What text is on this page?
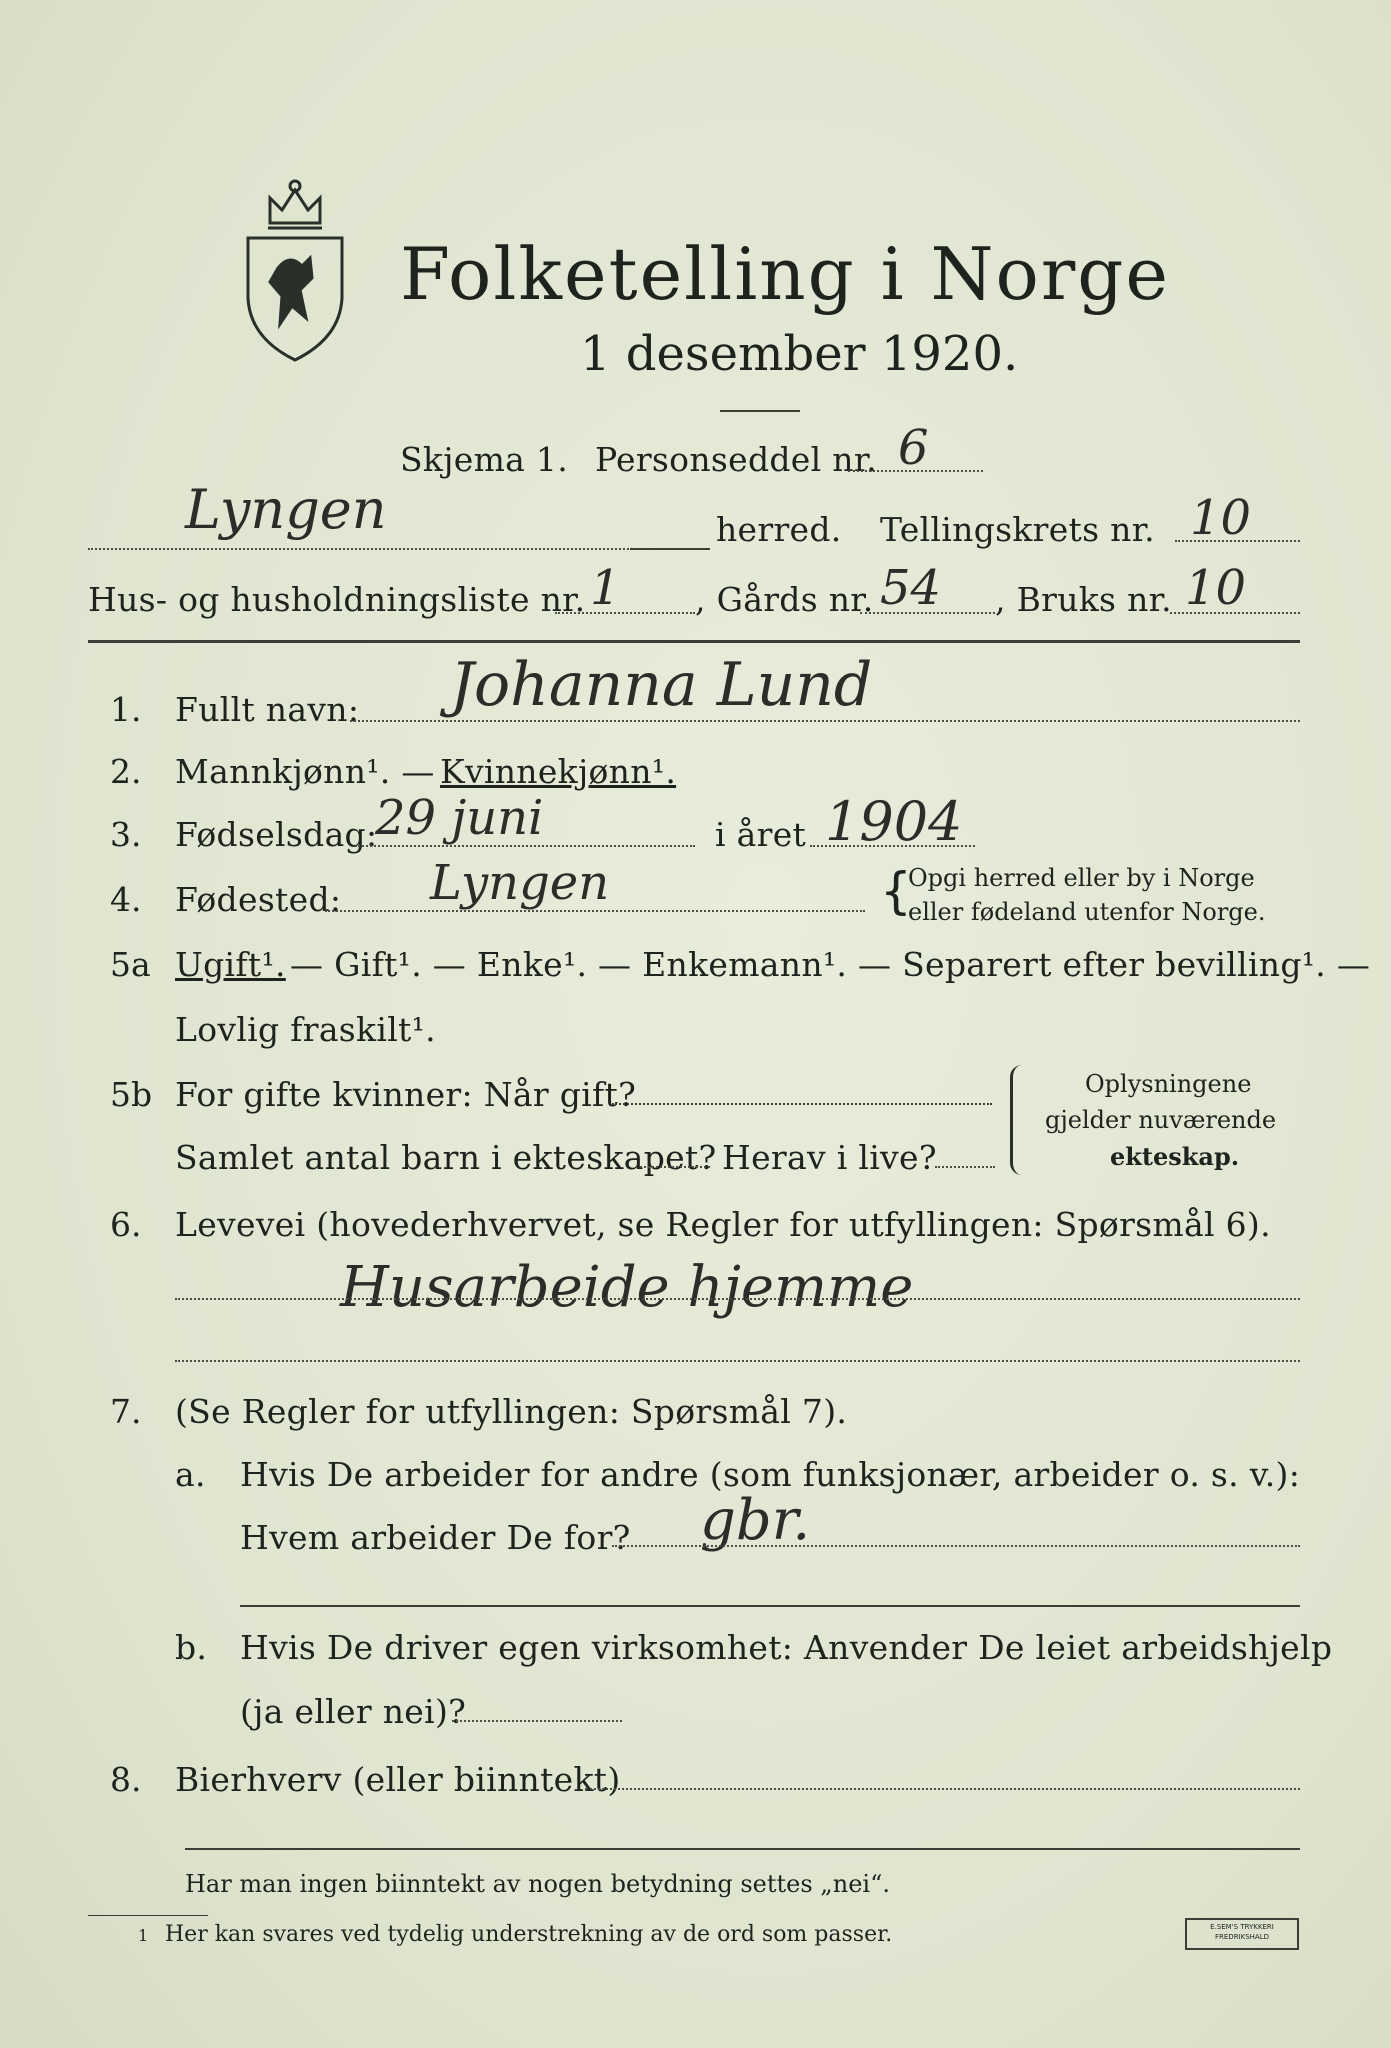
Folketelling i Norge
1 desember 1920.
Skjema 1. Personseddel nr. 6
Lyngen	herred. Tellingskrets nr. 10
Hus- og husholdningsliste nr. 1 , Gårds nr. 54 , Bruks nr. 10
1. Fullt navn: Johanna Lund
2. Mannkjønn¹. — Kvinnekjønn¹.
3. Fødselsdag:
29 juni	i året 1904
4. Fødested: Lyngen	{
Opgi herred eller by i Norge
eller fødeland utenfor Norge.
5a Ugift¹. — Gift¹. — Enke¹. — Enkemann¹. — Separert efter bevilling¹. —
Lovlig fraskilt¹.
5b For gifte kvinner: Når gift?
Samlet antal barn i ekteskapet? Herav i live?
Oplysningene
gjelder nuværende
ekteskap.
6. Levevei (hovederhvervet, se Regler for utfyllingen: Spørsmål 6).
Husarbeide hjemme
7. (Se Regler for utfyllingen: Spørsmål 7).
a. Hvis De arbeider for andre (som funksjonær, arbeider o. s. v.):
Hvem arbeider De for? gbr.
b. Hvis De driver egen virksomhet: Anvender De leiet arbeidshjelp
(ja eller nei)?
8. Bierhverv (eller biinntekt)
Har man ingen biinntekt av nogen betydning settes „nei“.
1 Her kan svares ved tydelig understrekning av de ord som passer.	E.SEM'S TRYKKERI
FREDRIKSHALD
